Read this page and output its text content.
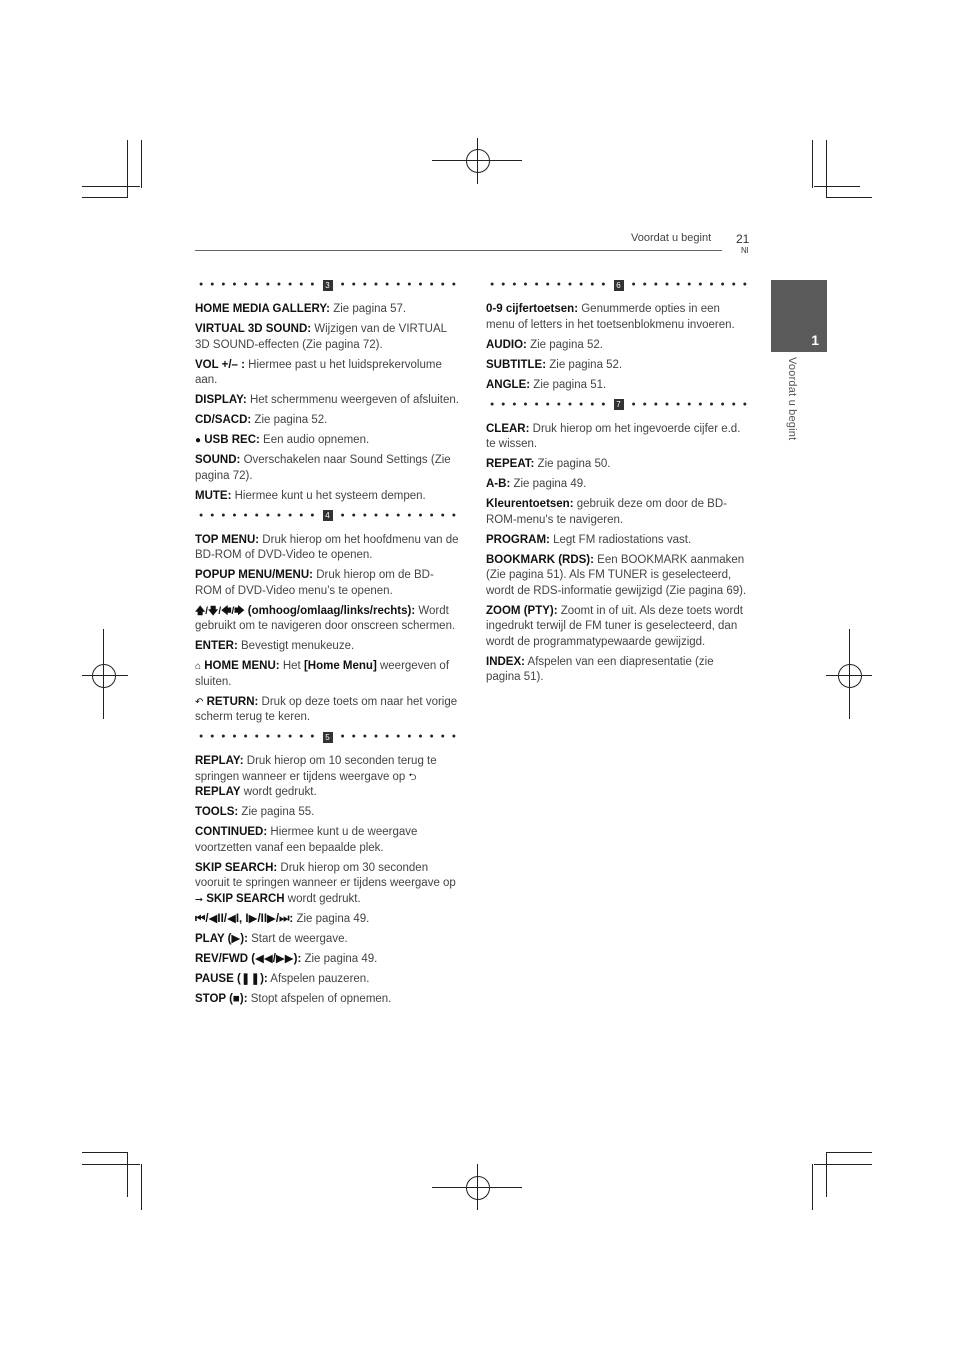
Voordat u begint 21
Nl
1
Voordat u begint
● ● ● ● ● ● ● ● ● ● ●	3	● ● ● ● ● ● ● ● ● ● ●

HOME MEDIA GALLERY: Zie pagina 57.

VIRTUAL 3D SOUND: Wijzigen van de VIRTUAL 3D SOUND-effecten (Zie pagina 72).

VOL +/– : Hiermee past u het luidsprekervolume aan.

DISPLAY: Het schermmenu weergeven of afsluiten.

CD/SACD: Zie pagina 52.

● USB REC: Een audio opnemen.

SOUND: Overschakelen naar Sound Settings (Zie pagina 72).

MUTE: Hiermee kunt u het systeem dempen.

● ● ● ● ● ● ● ● ● ● ●	4	● ● ● ● ● ● ● ● ● ● ●

TOP MENU: Druk hierop om het hoofdmenu van de BD-ROM of DVD-Video te openen.

POPUP MENU/MENU: Druk hierop om de BD-ROM of DVD-Video menu’s te openen.

🡅/🡇/🡄/🡆 (omhoog/omlaag/links/rechts): Wordt gebruikt om te navigeren door onscreen schermen.

ENTER: Bevestigt menukeuze.

⌂ HOME MENU: Het [Home Menu] weergeven of sluiten.

↶ RETURN: Druk op deze toets om naar het vorige scherm terug te keren.

● ● ● ● ● ● ● ● ● ● ●	5	● ● ● ● ● ● ● ● ● ● ●

REPLAY: Druk hierop om 10 seconden terug te springen wanneer er tijdens weergave op ⮌ REPLAY wordt gedrukt.

TOOLS: Zie pagina 55.

CONTINUED: Hiermee kunt u de weergave voortzetten vanaf een bepaalde plek.

SKIP SEARCH: Druk hierop om 30 seconden vooruit te springen wanneer er tijdens weergave op ⭢ SKIP SEARCH wordt gedrukt.

⏮/◀II/◀I, I▶/II▶/⏭: Zie pagina 49.

PLAY (▶): Start de weergave.

REV/FWD (◀◀/▶▶): Zie pagina 49.

PAUSE (❚❚): Afspelen pauzeren.

STOP (■): Stopt afspelen of opnemen.

● ● ● ● ● ● ● ● ● ● ●	6	● ● ● ● ● ● ● ● ● ● ●

0-9 cijfertoetsen: Genummerde opties in een menu of letters in het toetsenblokmenu invoeren.

AUDIO: Zie pagina 52.

SUBTITLE: Zie pagina 52.

ANGLE: Zie pagina 51.

● ● ● ● ● ● ● ● ● ● ●	7	● ● ● ● ● ● ● ● ● ● ●

CLEAR: Druk hierop om het ingevoerde cijfer e.d. te wissen.

REPEAT: Zie pagina 50.

A-B: Zie pagina 49.

Kleurentoetsen: gebruik deze om door de BD-ROM-menu's te navigeren.

PROGRAM: Legt FM radiostations vast.

BOOKMARK (RDS): Een BOOKMARK aanmaken (Zie pagina 51). Als FM TUNER is geselecteerd, wordt de RDS-informatie gewijzigd (Zie pagina 69).

ZOOM (PTY): Zoomt in of uit. Als deze toets wordt ingedrukt terwijl de FM tuner is geselecteerd, dan wordt de programmatypewaarde gewijzigd.

INDEX: Afspelen van een diapresentatie (zie pagina 51).
